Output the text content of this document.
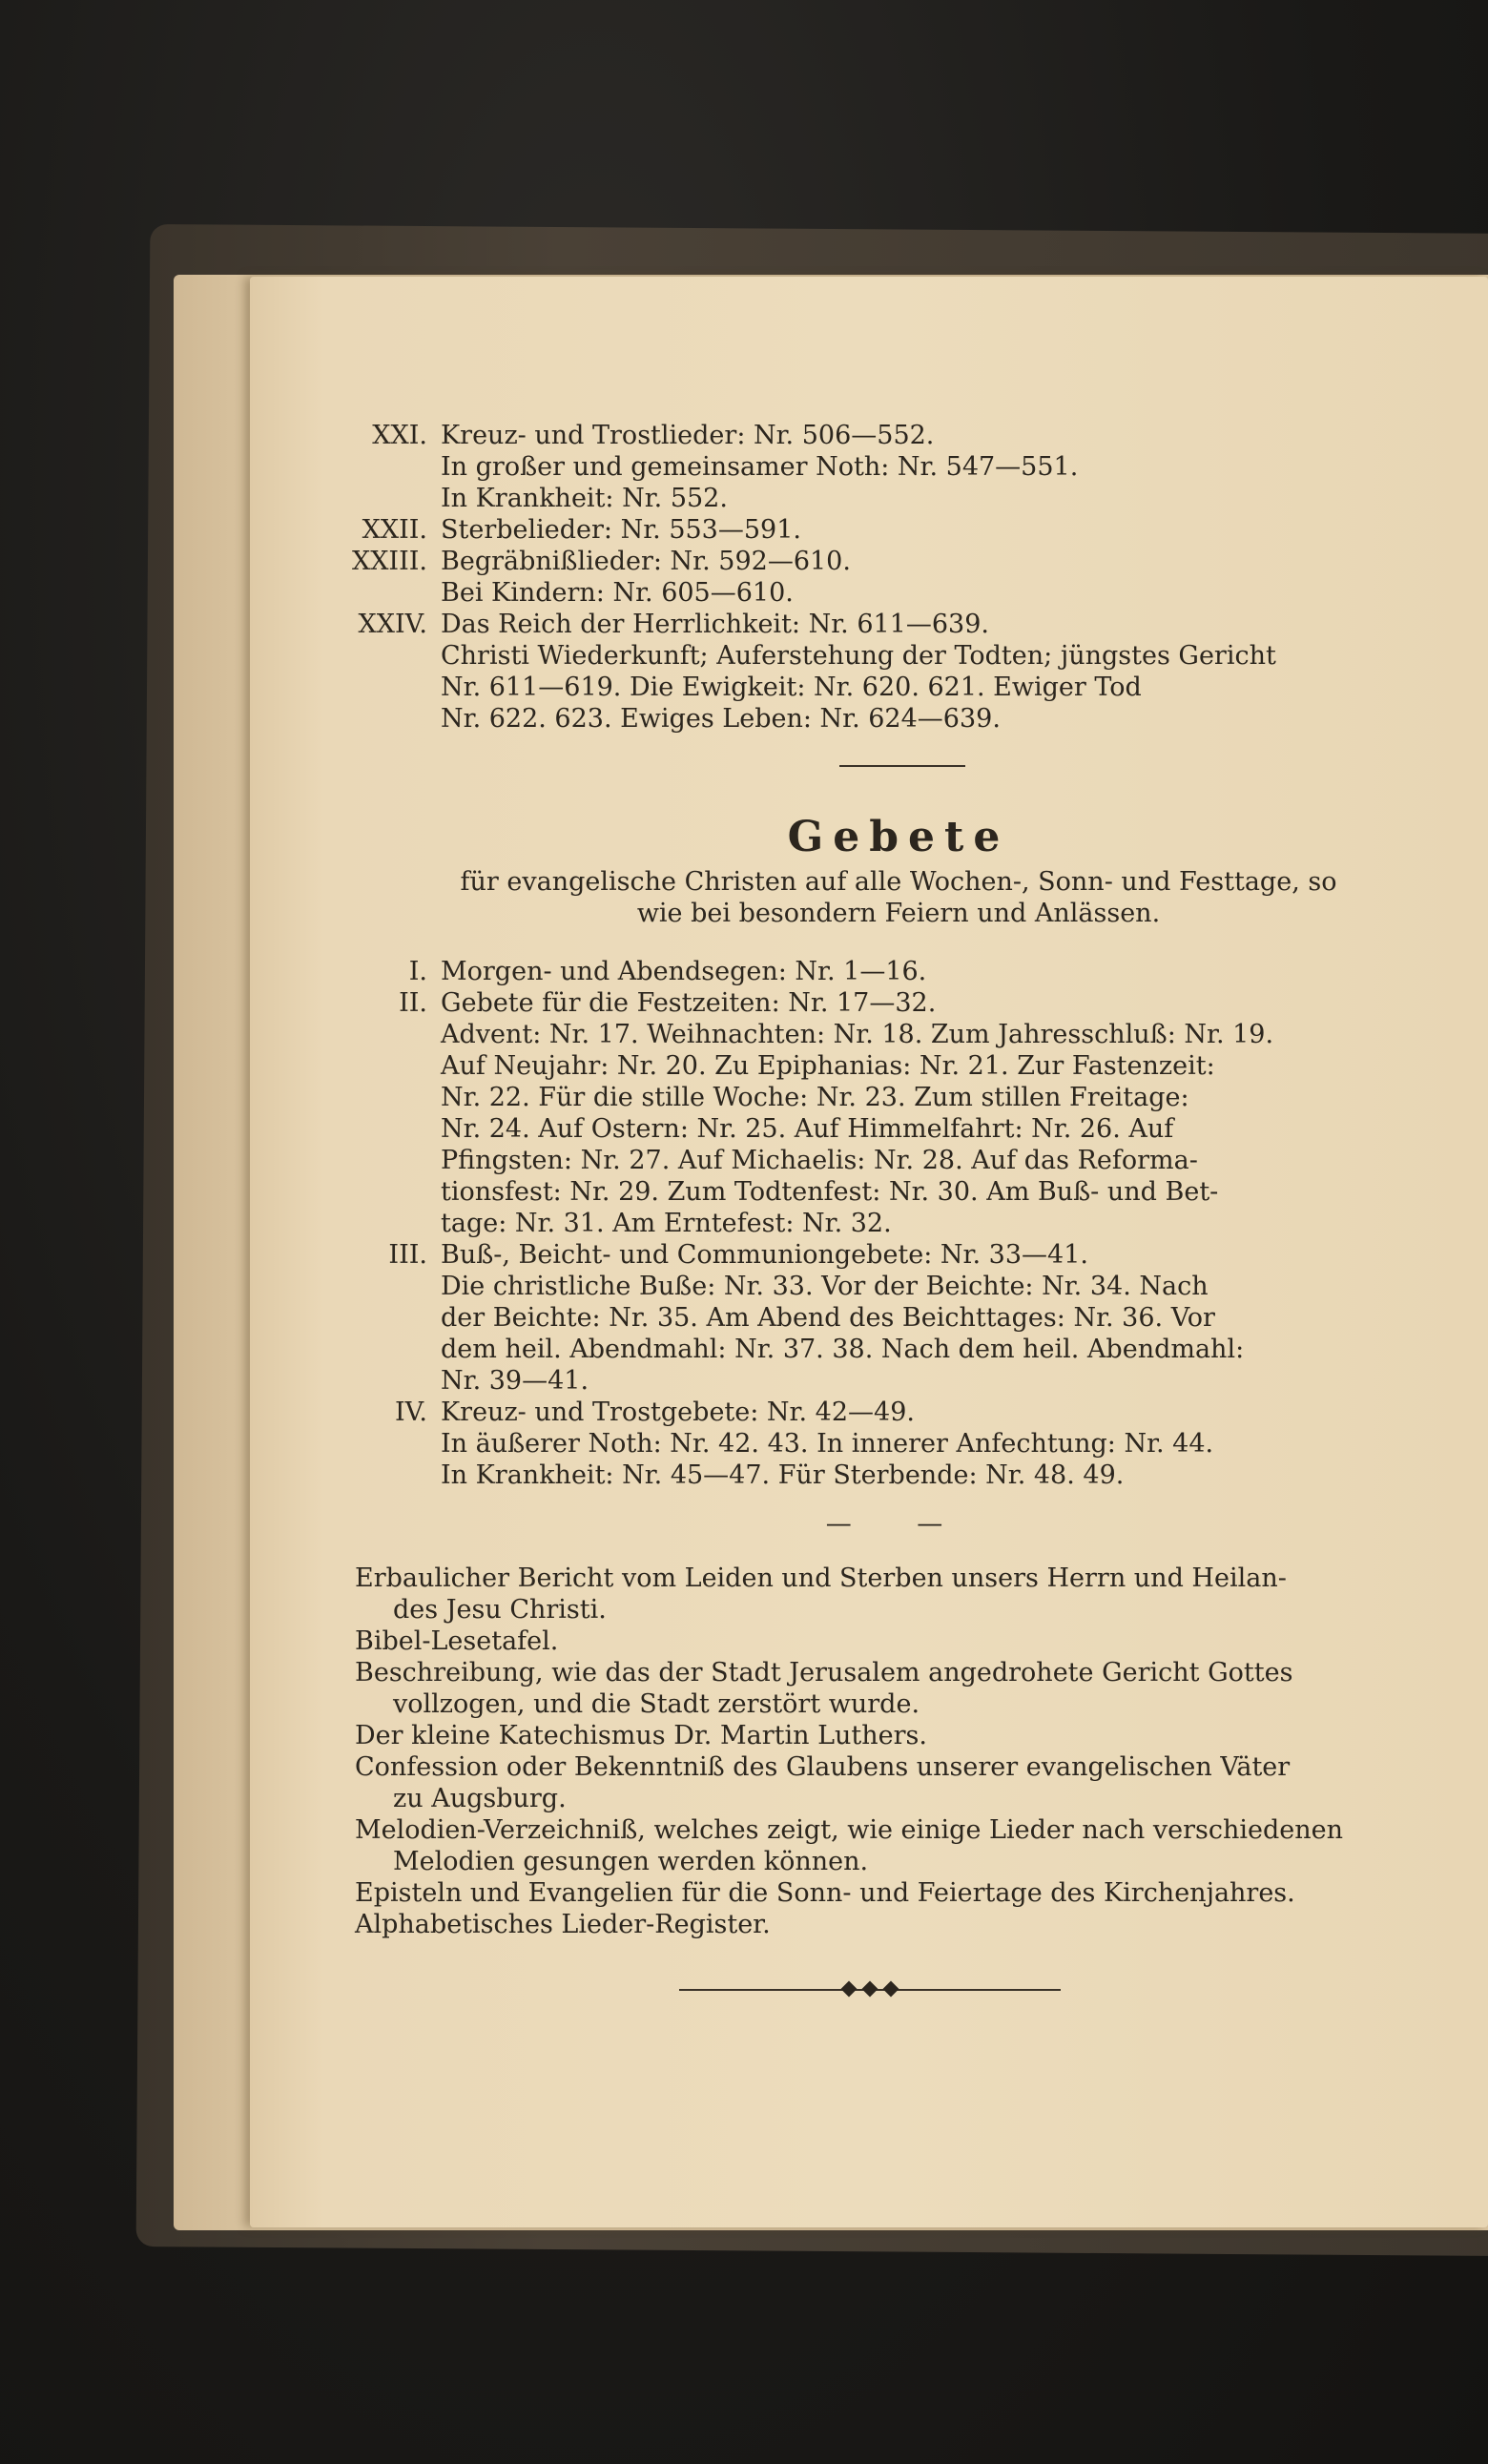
XXI. Kreuz- und Trostlieder: Nr. 506—552.
In großer und gemeinsamer Noth: Nr. 547—551.
In Krankheit: Nr. 552.
XXII. Sterbelieder: Nr. 553—591.
XXIII. Begräbnißlieder: Nr. 592—610.
Bei Kindern: Nr. 605—610.
XXIV. Das Reich der Herrlichkeit: Nr. 611—639.
Christi Wiederkunft; Auferstehung der Todten; jüngstes Gericht
Nr. 611—619. Die Ewigkeit: Nr. 620. 621. Ewiger Tod
Nr. 622. 623. Ewiges Leben: Nr. 624—639.
Gebete
für evangelische Christen auf alle Wochen-, Sonn- und Festtage, so
wie bei besondern Feiern und Anlässen.
I. Morgen- und Abendsegen: Nr. 1—16.
II. Gebete für die Festzeiten: Nr. 17—32.
Advent: Nr. 17. Weihnachten: Nr. 18. Zum Jahresschluß: Nr. 19.
Auf Neujahr: Nr. 20. Zu Epiphanias: Nr. 21. Zur Fastenzeit:
Nr. 22. Für die stille Woche: Nr. 23. Zum stillen Freitage:
Nr. 24. Auf Ostern: Nr. 25. Auf Himmelfahrt: Nr. 26. Auf
Pfingsten: Nr. 27. Auf Michaelis: Nr. 28. Auf das Reforma-
tionsfest: Nr. 29. Zum Todtenfest: Nr. 30. Am Buß- und Bet-
tage: Nr. 31. Am Erntefest: Nr. 32.
III. Buß-, Beicht- und Communiongebete: Nr. 33—41.
Die christliche Buße: Nr. 33. Vor der Beichte: Nr. 34. Nach
der Beichte: Nr. 35. Am Abend des Beichttages: Nr. 36. Vor
dem heil. Abendmahl: Nr. 37. 38. Nach dem heil. Abendmahl:
Nr. 39—41.
IV. Kreuz- und Trostgebete: Nr. 42—49.
In äußerer Noth: Nr. 42. 43. In innerer Anfechtung: Nr. 44.
In Krankheit: Nr. 45—47. Für Sterbende: Nr. 48. 49.
— —
Erbaulicher Bericht vom Leiden und Sterben unsers Herrn und Heilan-
des Jesu Christi.
Bibel-Lesetafel.
Beschreibung, wie das der Stadt Jerusalem angedrohete Gericht Gottes
vollzogen, und die Stadt zerstört wurde.
Der kleine Katechismus Dr. Martin Luthers.
Confession oder Bekenntniß des Glaubens unserer evangelischen Väter
zu Augsburg.
Melodien-Verzeichniß, welches zeigt, wie einige Lieder nach verschiedenen
Melodien gesungen werden können.
Episteln und Evangelien für die Sonn- und Feiertage des Kirchenjahres.
Alphabetisches Lieder-Register.
